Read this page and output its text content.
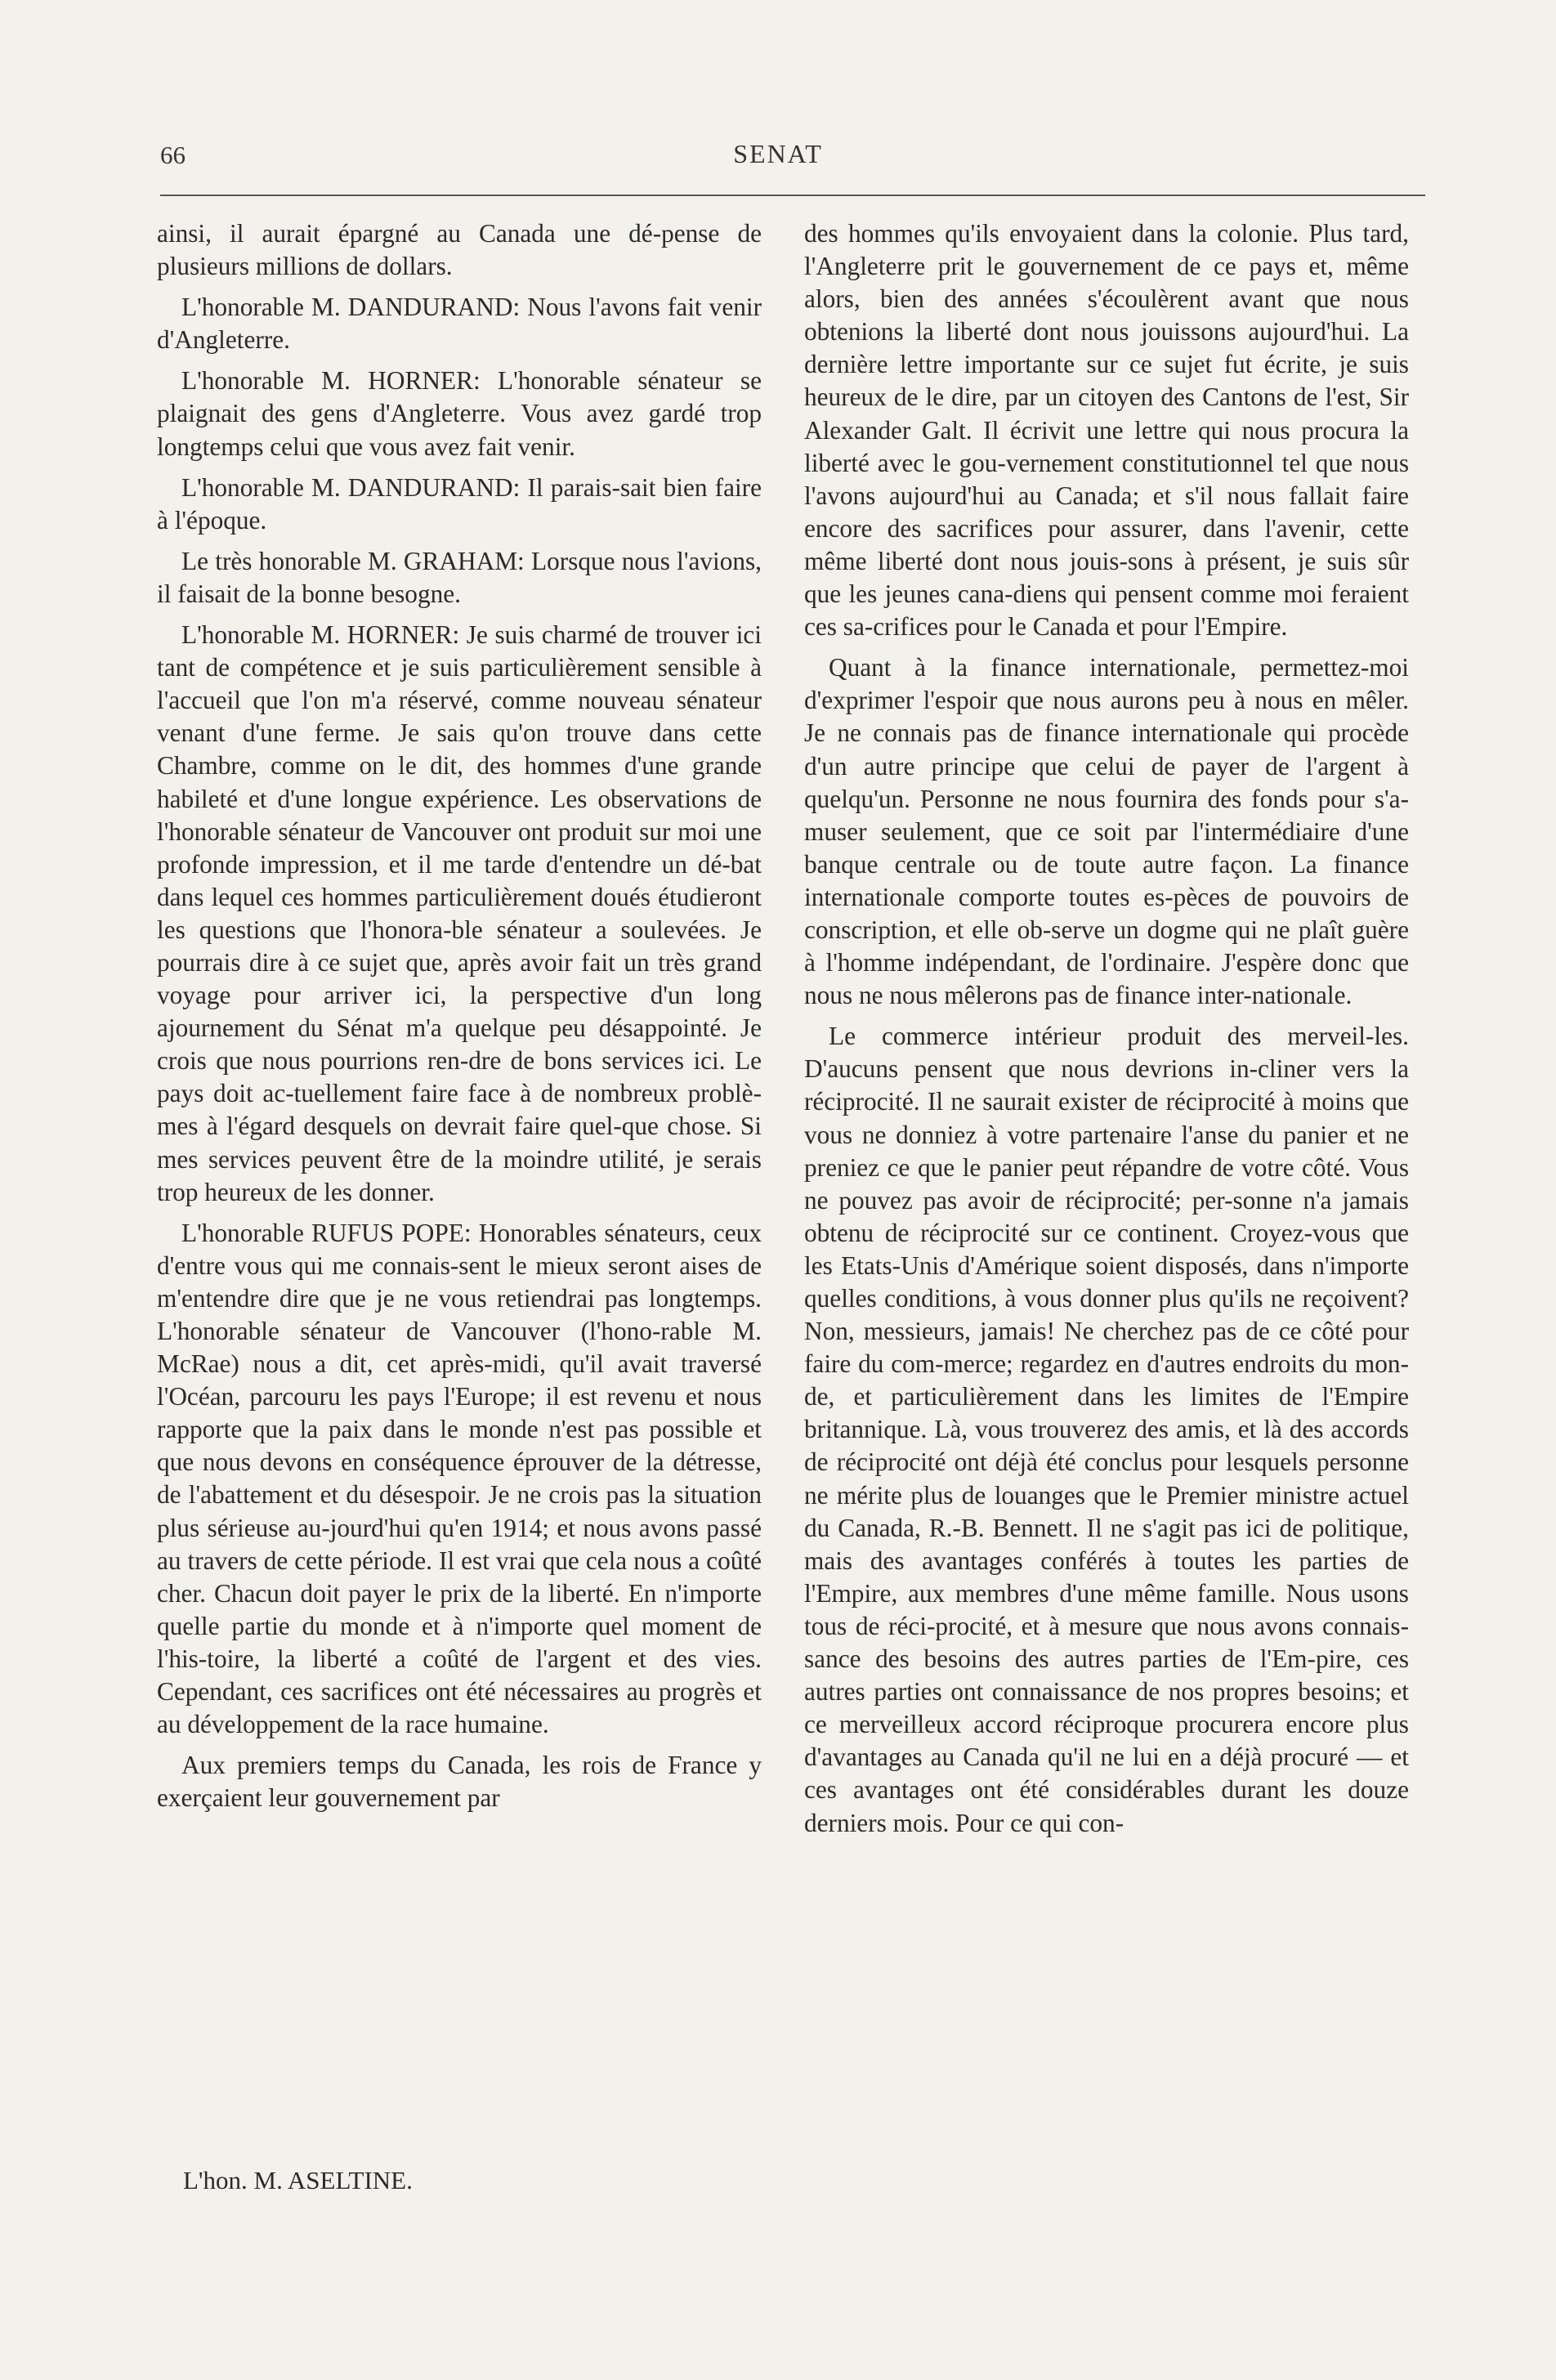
66	SENAT

ainsi, il aurait épargné au Canada une dé-pense de plusieurs millions de dollars.

L'honorable M. DANDURAND: Nous l'avons fait venir d'Angleterre.

L'honorable M. HORNER: L'honorable sénateur se plaignait des gens d'Angleterre. Vous avez gardé trop longtemps celui que vous avez fait venir.

L'honorable M. DANDURAND: Il parais-sait bien faire à l'époque.

Le très honorable M. GRAHAM: Lorsque nous l'avions, il faisait de la bonne besogne.

L'honorable M. HORNER: Je suis charmé de trouver ici tant de compétence et je suis particulièrement sensible à l'accueil que l'on m'a réservé, comme nouveau sénateur venant d'une ferme. Je sais qu'on trouve dans cette Chambre, comme on le dit, des hommes d'une grande habileté et d'une longue expérience. Les observations de l'honorable sénateur de Vancouver ont produit sur moi une profonde impression, et il me tarde d'entendre un dé-bat dans lequel ces hommes particulièrement doués étudieront les questions que l'honora-ble sénateur a soulevées. Je pourrais dire à ce sujet que, après avoir fait un très grand voyage pour arriver ici, la perspective d'un long ajournement du Sénat m'a quelque peu désappointé. Je crois que nous pourrions ren-dre de bons services ici. Le pays doit ac-tuellement faire face à de nombreux problè-mes à l'égard desquels on devrait faire quel-que chose. Si mes services peuvent être de la moindre utilité, je serais trop heureux de les donner.

L'honorable RUFUS POPE: Honorables sénateurs, ceux d'entre vous qui me connais-sent le mieux seront aises de m'entendre dire que je ne vous retiendrai pas longtemps. L'honorable sénateur de Vancouver (l'hono-rable M. McRae) nous a dit, cet après-midi, qu'il avait traversé l'Océan, parcouru les pays l'Europe; il est revenu et nous rapporte que la paix dans le monde n'est pas possible et que nous devons en conséquence éprouver de la détresse, de l'abattement et du désespoir. Je ne crois pas la situation plus sérieuse au-jourd'hui qu'en 1914; et nous avons passé au travers de cette période. Il est vrai que cela nous a coûté cher. Chacun doit payer le prix de la liberté. En n'importe quelle partie du monde et à n'importe quel moment de l'his-toire, la liberté a coûté de l'argent et des vies. Cependant, ces sacrifices ont été nécessaires au progrès et au développement de la race humaine.

Aux premiers temps du Canada, les rois de France y exerçaient leur gouvernement par

des hommes qu'ils envoyaient dans la colonie. Plus tard, l'Angleterre prit le gouvernement de ce pays et, même alors, bien des années s'écoulèrent avant que nous obtenions la liberté dont nous jouissons aujourd'hui. La dernière lettre importante sur ce sujet fut écrite, je suis heureux de le dire, par un citoyen des Cantons de l'est, Sir Alexander Galt. Il écrivit une lettre qui nous procura la liberté avec le gou-vernement constitutionnel tel que nous l'avons aujourd'hui au Canada; et s'il nous fallait faire encore des sacrifices pour assurer, dans l'avenir, cette même liberté dont nous jouis-sons à présent, je suis sûr que les jeunes cana-diens qui pensent comme moi feraient ces sa-crifices pour le Canada et pour l'Empire.

Quant à la finance internationale, permettez-moi d'exprimer l'espoir que nous aurons peu à nous en mêler. Je ne connais pas de finance internationale qui procède d'un autre principe que celui de payer de l'argent à quelqu'un. Personne ne nous fournira des fonds pour s'a-muser seulement, que ce soit par l'intermédiaire d'une banque centrale ou de toute autre façon. La finance internationale comporte toutes es-pèces de pouvoirs de conscription, et elle ob-serve un dogme qui ne plaît guère à l'homme indépendant, de l'ordinaire. J'espère donc que nous ne nous mêlerons pas de finance inter-nationale.

Le commerce intérieur produit des merveil-les. D'aucuns pensent que nous devrions in-cliner vers la réciprocité. Il ne saurait exister de réciprocité à moins que vous ne donniez à votre partenaire l'anse du panier et ne preniez ce que le panier peut répandre de votre côté. Vous ne pouvez pas avoir de réciprocité; per-sonne n'a jamais obtenu de réciprocité sur ce continent. Croyez-vous que les Etats-Unis d'Amérique soient disposés, dans n'importe quelles conditions, à vous donner plus qu'ils ne reçoivent? Non, messieurs, jamais! Ne cherchez pas de ce côté pour faire du com-merce; regardez en d'autres endroits du mon-de, et particulièrement dans les limites de l'Empire britannique. Là, vous trouverez des amis, et là des accords de réciprocité ont déjà été conclus pour lesquels personne ne mérite plus de louanges que le Premier ministre actuel du Canada, R.-B. Bennett. Il ne s'agit pas ici de politique, mais des avantages conférés à toutes les parties de l'Empire, aux membres d'une même famille. Nous usons tous de réci-procité, et à mesure que nous avons connais-sance des besoins des autres parties de l'Em-pire, ces autres parties ont connaissance de nos propres besoins; et ce merveilleux accord réciproque procurera encore plus d'avantages au Canada qu'il ne lui en a déjà procuré — et ces avantages ont été considérables durant les douze derniers mois. Pour ce qui con-

L'hon. M. ASELTINE.
